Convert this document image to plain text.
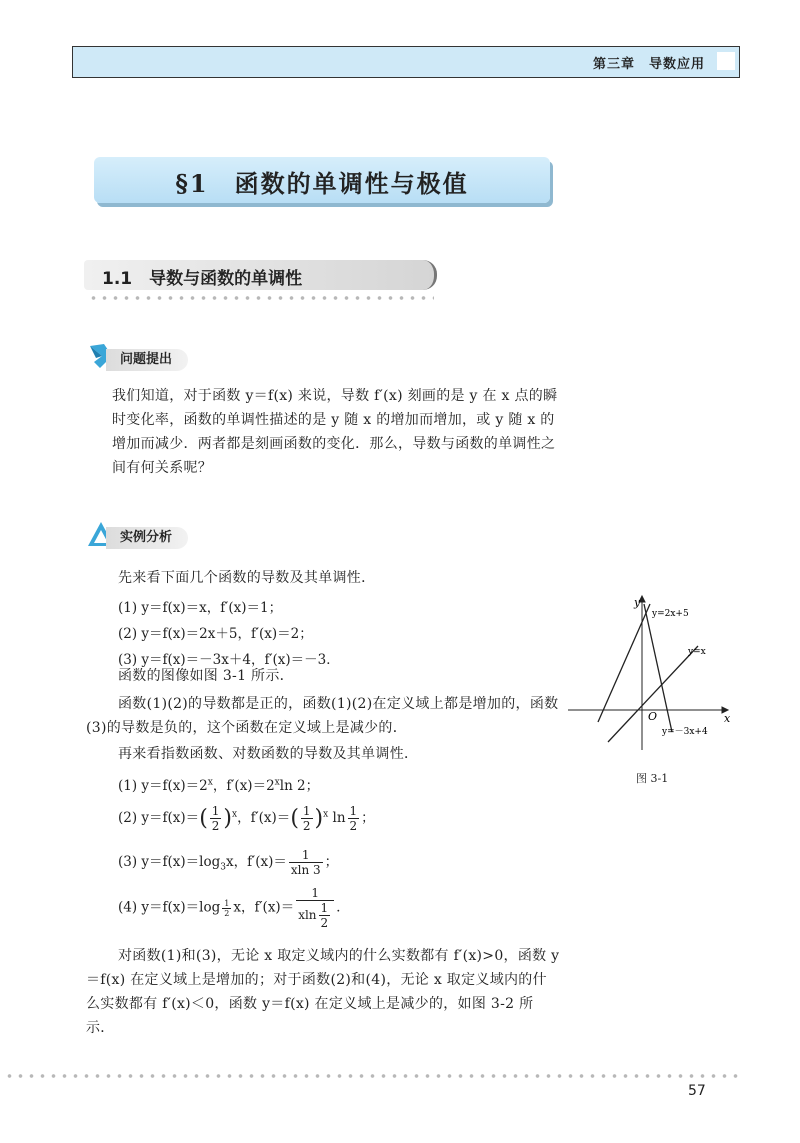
第三章　导数应用
§1　函数的单调性与极值
1.1　导数与函数的单调性
问题提出

我们知道，对于函数 y＝f(x) 来说，导数 f′(x) 刻画的是 y 在 x 点的瞬时变化率，函数的单调性描述的是 y 随 x 的增加而增加，或 y 随 x 的增加而减少．两者都是刻画函数的变化．那么，导数与函数的单调性之间有何关系呢？

实例分析

先来看下面几个函数的导数及其单调性．

(1) y＝f(x)＝x，f′(x)＝1；
(2) y＝f(x)＝2x＋5，f′(x)＝2；
(3) y＝f(x)＝－3x＋4，f′(x)＝－3．

函数的图像如图 3-1 所示．

函数(1)(2)的导数都是正的，函数(1)(2)在定义域上都是增加的，函数(3)的导数是负的，这个函数在定义域上是减少的．

再来看指数函数、对数函数的导数及其单调性．

(1) $y=f(x)=2^x$，$f'(x)=2^x\ln$ 2；
(2) $y=f(x)=( \frac{1}{2} )^x$，$f'(x)=( \frac{1}{2} )^x$ $\ln \frac{1}{2}$ ；
(3) $y=f(x)=\log_3x$，$f'(x)= \frac{1}{xln 3}$ ；
(4) $y=f(x)=\log \frac{1}{2}$ x，$f'(x)= \frac{1}{xln \frac{1}{2}}$ ．

对函数(1)和(3)，无论 x 取定义域内的什么实数都有 f′(x)>0，函数 y＝f(x) 在定义域上是增加的；对于函数(2)和(4)，无论 x 取定义域内的什么实数都有 f′(x)＜0，函数 y＝f(x) 在定义域上是减少的，如图 3-2 所示．

y
x
O
y=2x+5
y=x
y=－3x+4
图 3-1
57
